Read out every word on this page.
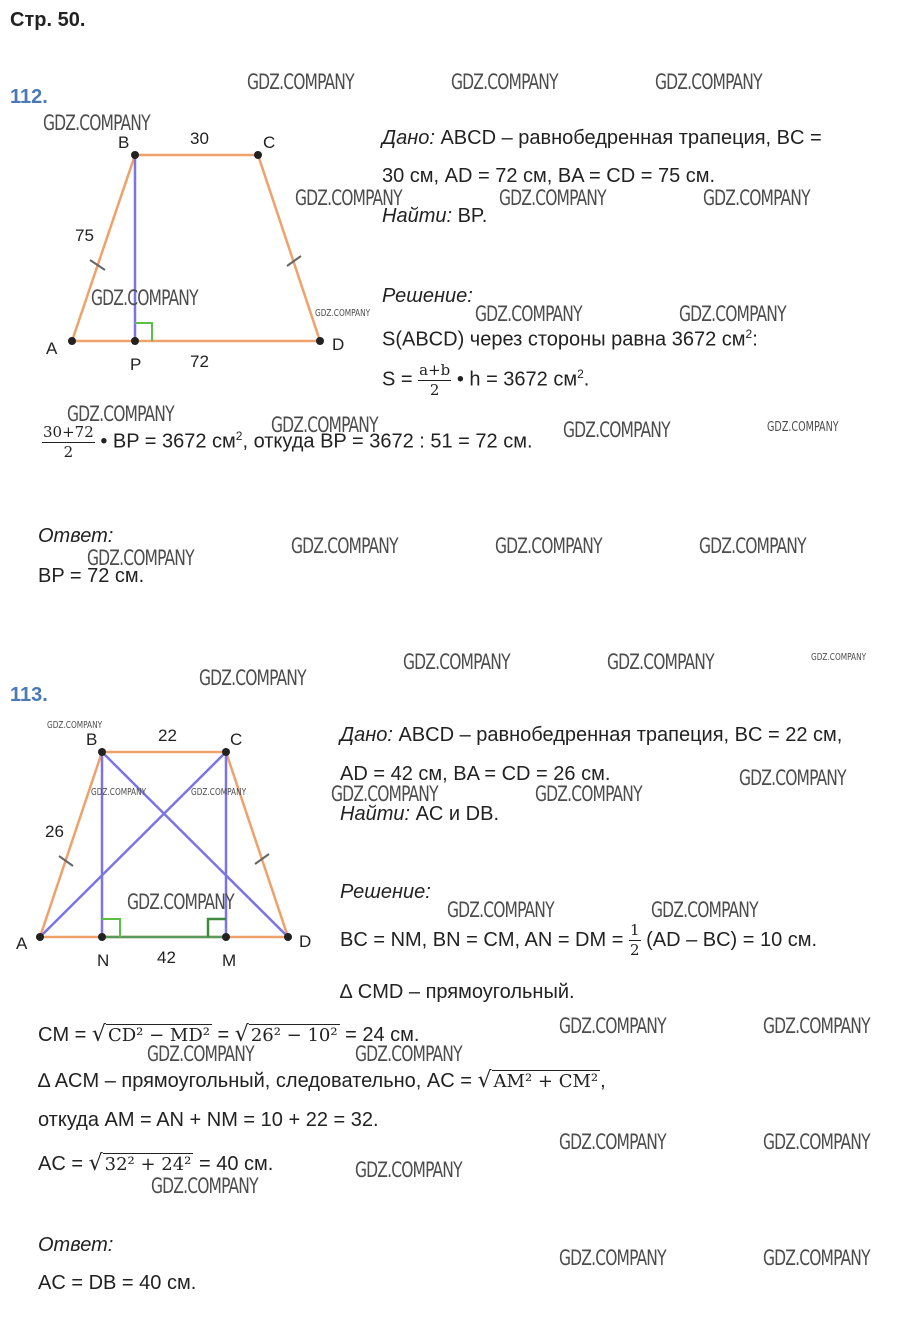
Стр. 50.
112.
B	C
A	D
P
30
75
72
Дано: ABCD – равнобедренная трапеция, BC =
30 см, AD = 72 см, BA = CD = 75 см.
Найти: BP.
Решение:
S(ABCD) через стороны равна 3672 $см^2$:
$S = \frac{a+b}{2}$ • h = 3672 $см^2$.
$\frac{30+72}{2}$ • BP = 3672 $см^2$, откуда BP = 3672 : 51 = 72 см.
Ответ:
BP = 72 см.
113.
B	C
A	D
N	M
22
26
42
Дано: ABCD – равнобедренная трапеция, BC = 22 см,
AD = 42 см, BA = CD = 26 см.
Найти: AC и DB.
Решение:
BC = NM, BN = CM, AN = DM = $\frac{1}{2} (AD - BC) = 10$ см.
∆ CMD – прямоугольный.
CM = √ CD² − MD² = √ 26² − 10² = 24 см.
∆ ACM – прямоугольный, следовательно, AC = √ AM² + CM² ,
откуда AM = AN + NM = 10 + 22 = 32.
AC = √ 32² + 24² = 40 см.
Ответ:
AC = DB = 40 см.
GDZ.COMPANY	GDZ.COMPANY	GDZ.COMPANY
GDZ.COMPANY
GDZ.COMPANY	GDZ.COMPANY	GDZ.COMPANY
GDZ.COMPANY
GDZ.COMPANY	GDZ.COMPANY	GDZ.COMPANY
GDZ.COMPANY	GDZ.COMPANY	GDZ.COMPANY	GDZ.COMPANY
GDZ.COMPANY	GDZ.COMPANY	GDZ.COMPANY	GDZ.COMPANY
GDZ.COMPANY	GDZ.COMPANY	GDZ.COMPANY
GDZ.COMPANY
GDZ.COMPANY
GDZ.COMPANY
GDZ.COMPANY	GDZ.COMPANY	GDZ.COMPANY	GDZ.COMPANY
GDZ.COMPANY	GDZ.COMPANY	GDZ.COMPANY
GDZ.COMPANY	GDZ.COMPANY
GDZ.COMPANY	GDZ.COMPANY
GDZ.COMPANY	GDZ.COMPANY
GDZ.COMPANY
GDZ.COMPANY
GDZ.COMPANY	GDZ.COMPANY
